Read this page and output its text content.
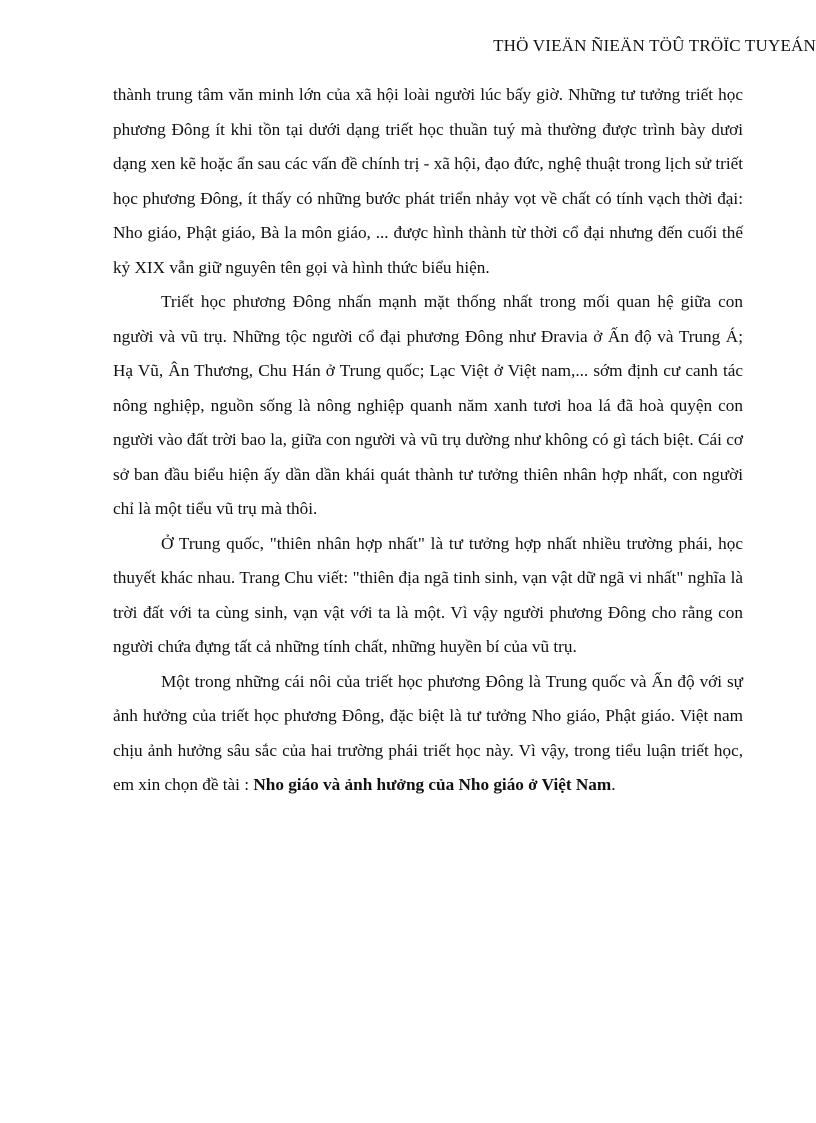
THÖ VIEÄN ÑIEÄN TÖÛ TRÖÏC TUYEÁN

thành trung tâm văn minh lớn của xã hội loài người lúc bấy giờ. Những tư tưởng triết học phương Đông ít khi tồn tại dưới dạng triết học thuần tuý mà thường được trình bày dươi dạng xen kẽ hoặc ẩn sau các vấn đề chính trị - xã hội, đạo đức, nghệ thuật trong lịch sử triết học phương Đông, ít thấy có những bước phát triển nhảy vọt về chất có tính vạch thời đại: Nho giáo, Phật giáo, Bà la môn giáo, ... được hình thành từ thời cổ đại nhưng đến cuối thế kỷ XIX vẫn giữ nguyên tên gọi và hình thức biểu hiện.

Triết học phương Đông nhấn mạnh mặt thống nhất trong mối quan hệ giữa con người và vũ trụ. Những tộc người cổ đại phương Đông như Đravia ở Ấn độ và Trung Á; Hạ Vũ, Ân Thương, Chu Hán ở Trung quốc; Lạc Việt ở Việt nam,... sớm định cư canh tác nông nghiệp, nguồn sống là nông nghiệp quanh năm xanh tươi hoa lá đã hoà quyện con người vào đất trời bao la, giữa con người và vũ trụ dường như không có gì tách biệt. Cái cơ sở ban đầu biểu hiện ấy dần dần khái quát thành tư tưởng thiên nhân hợp nhất, con người chỉ là một tiểu vũ trụ mà thôi.

Ở Trung quốc, "thiên nhân hợp nhất" là tư tưởng hợp nhất nhiều trường phái, học thuyết khác nhau. Trang Chu viết: "thiên địa ngã tinh sinh, vạn vật dữ ngã vi nhất" nghĩa là trời đất với ta cùng sinh, vạn vật với ta là một. Vì vậy người phương Đông cho rằng con người chứa đựng tất cả những tính chất, những huyền bí của vũ trụ.

Một trong những cái nôi của triết học phương Đông là Trung quốc và Ấn độ với sự ảnh hưởng của triết học phương Đông, đặc biệt là tư tưởng Nho giáo, Phật giáo. Việt nam chịu ảnh hưởng sâu sắc của hai trường phái triết học này. Vì vậy, trong tiểu luận triết học, em xin chọn đề tài : Nho giáo và ảnh hưởng của Nho giáo ở Việt Nam.
